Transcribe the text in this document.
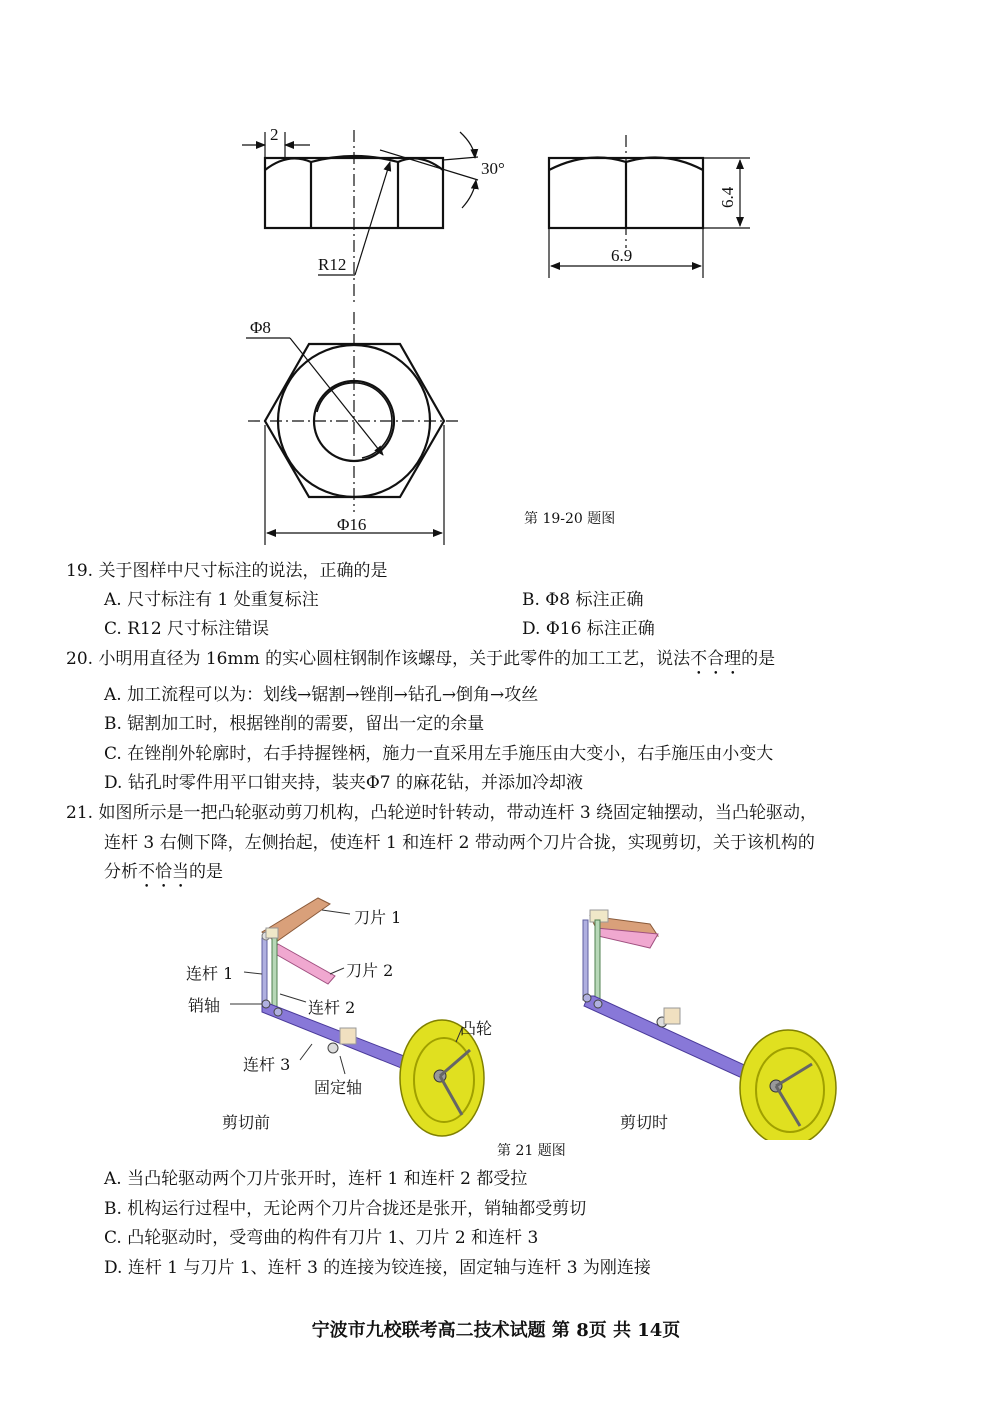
2
30°
R12
6.4
6.9
Φ8
Φ16	第 19-20 题图
19. 关于图样中尺寸标注的说法，正确的是
A. 尺寸标注有 1 处重复标注	B. Φ8 标注正确
C. R12 尺寸标注错误	D. Φ16 标注正确
20. 小明用直径为 16mm 的实心圆柱钢制作该螺母，关于此零件的加工工艺，说法不合理的是
A. 加工流程可以为：划线→锯割→锉削→钻孔→倒角→攻丝
B. 锯割加工时，根据锉削的需要，留出一定的余量
C. 在锉削外轮廓时，右手持握锉柄，施力一直采用左手施压由大变小，右手施压由小变大
D. 钻孔时零件用平口钳夹持，装夹Φ7 的麻花钻，并添加冷却液
21. 如图所示是一把凸轮驱动剪刀机构，凸轮逆时针转动，带动连杆 3 绕固定轴摆动，当凸轮驱动，
连杆 3 右侧下降，左侧抬起，使连杆 1 和连杆 2 带动两个刀片合拢，实现剪切，关于该机构的
分析不恰当的是
刀片 1
刀片 2
连杆 1
销轴	连杆 2
凸轮
连杆 3
固定轴
剪切前	剪切时
第 21 题图
A. 当凸轮驱动两个刀片张开时，连杆 1 和连杆 2 都受拉
B. 机构运行过程中，无论两个刀片合拢还是张开，销轴都受剪切
C. 凸轮驱动时，受弯曲的构件有刀片 1、刀片 2 和连杆 3
D. 连杆 1 与刀片 1、连杆 3 的连接为铰连接，固定轴与连杆 3 为刚连接
宁波市九校联考高二技术试题 第 8页 共 14页
